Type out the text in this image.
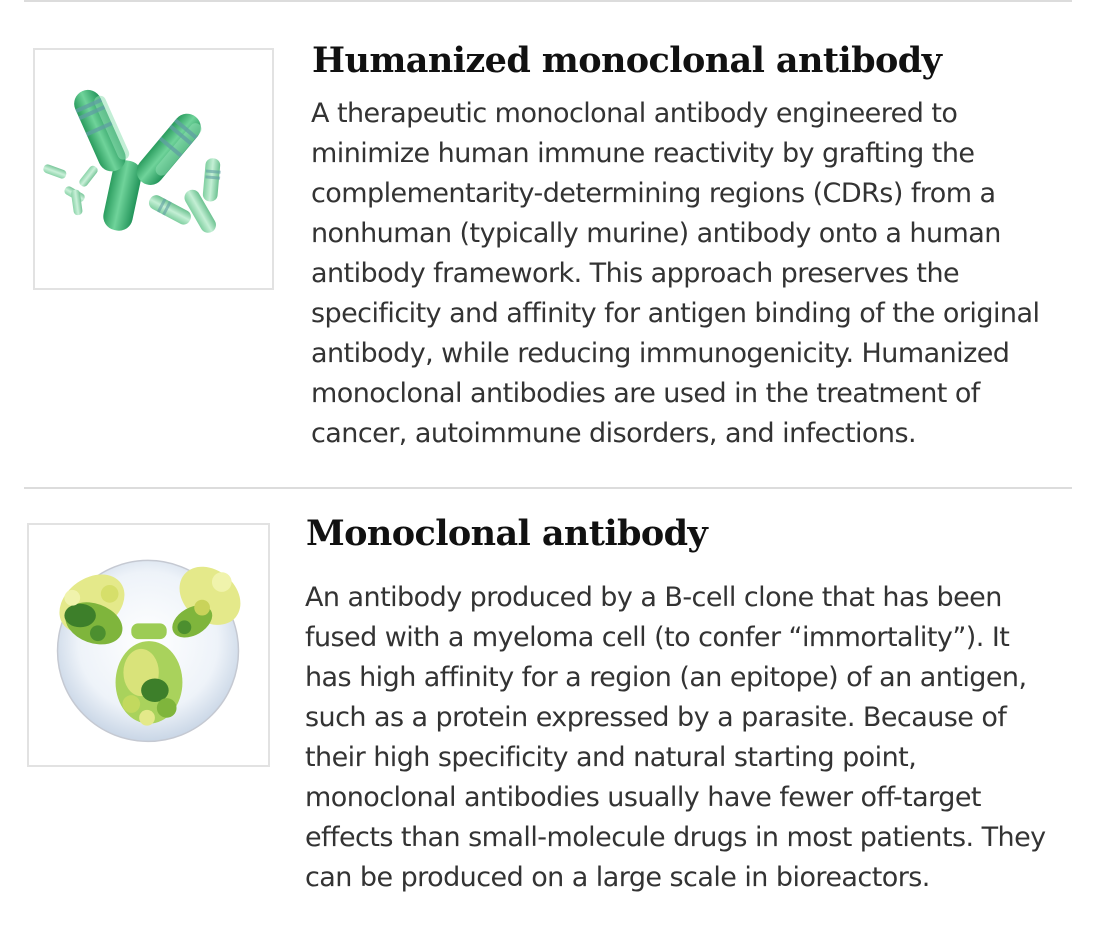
Humanized monoclonal antibody
A therapeutic monoclonal antibody engineered to
minimize human immune reactivity by grafting the
complementarity-determining regions (CDRs) from a
nonhuman (typically murine) antibody onto a human
antibody framework. This approach preserves the
specificity and affinity for antigen binding of the original
antibody, while reducing immunogenicity. Humanized
monoclonal antibodies are used in the treatment of
cancer, autoimmune disorders, and infections.
Monoclonal antibody
An antibody produced by a B-cell clone that has been
fused with a myeloma cell (to confer “immortality”). It
has high affinity for a region (an epitope) of an antigen,
such as a protein expressed by a parasite. Because of
their high specificity and natural starting point,
monoclonal antibodies usually have fewer off-target
effects than small-molecule drugs in most patients. They
can be produced on a large scale in bioreactors.
